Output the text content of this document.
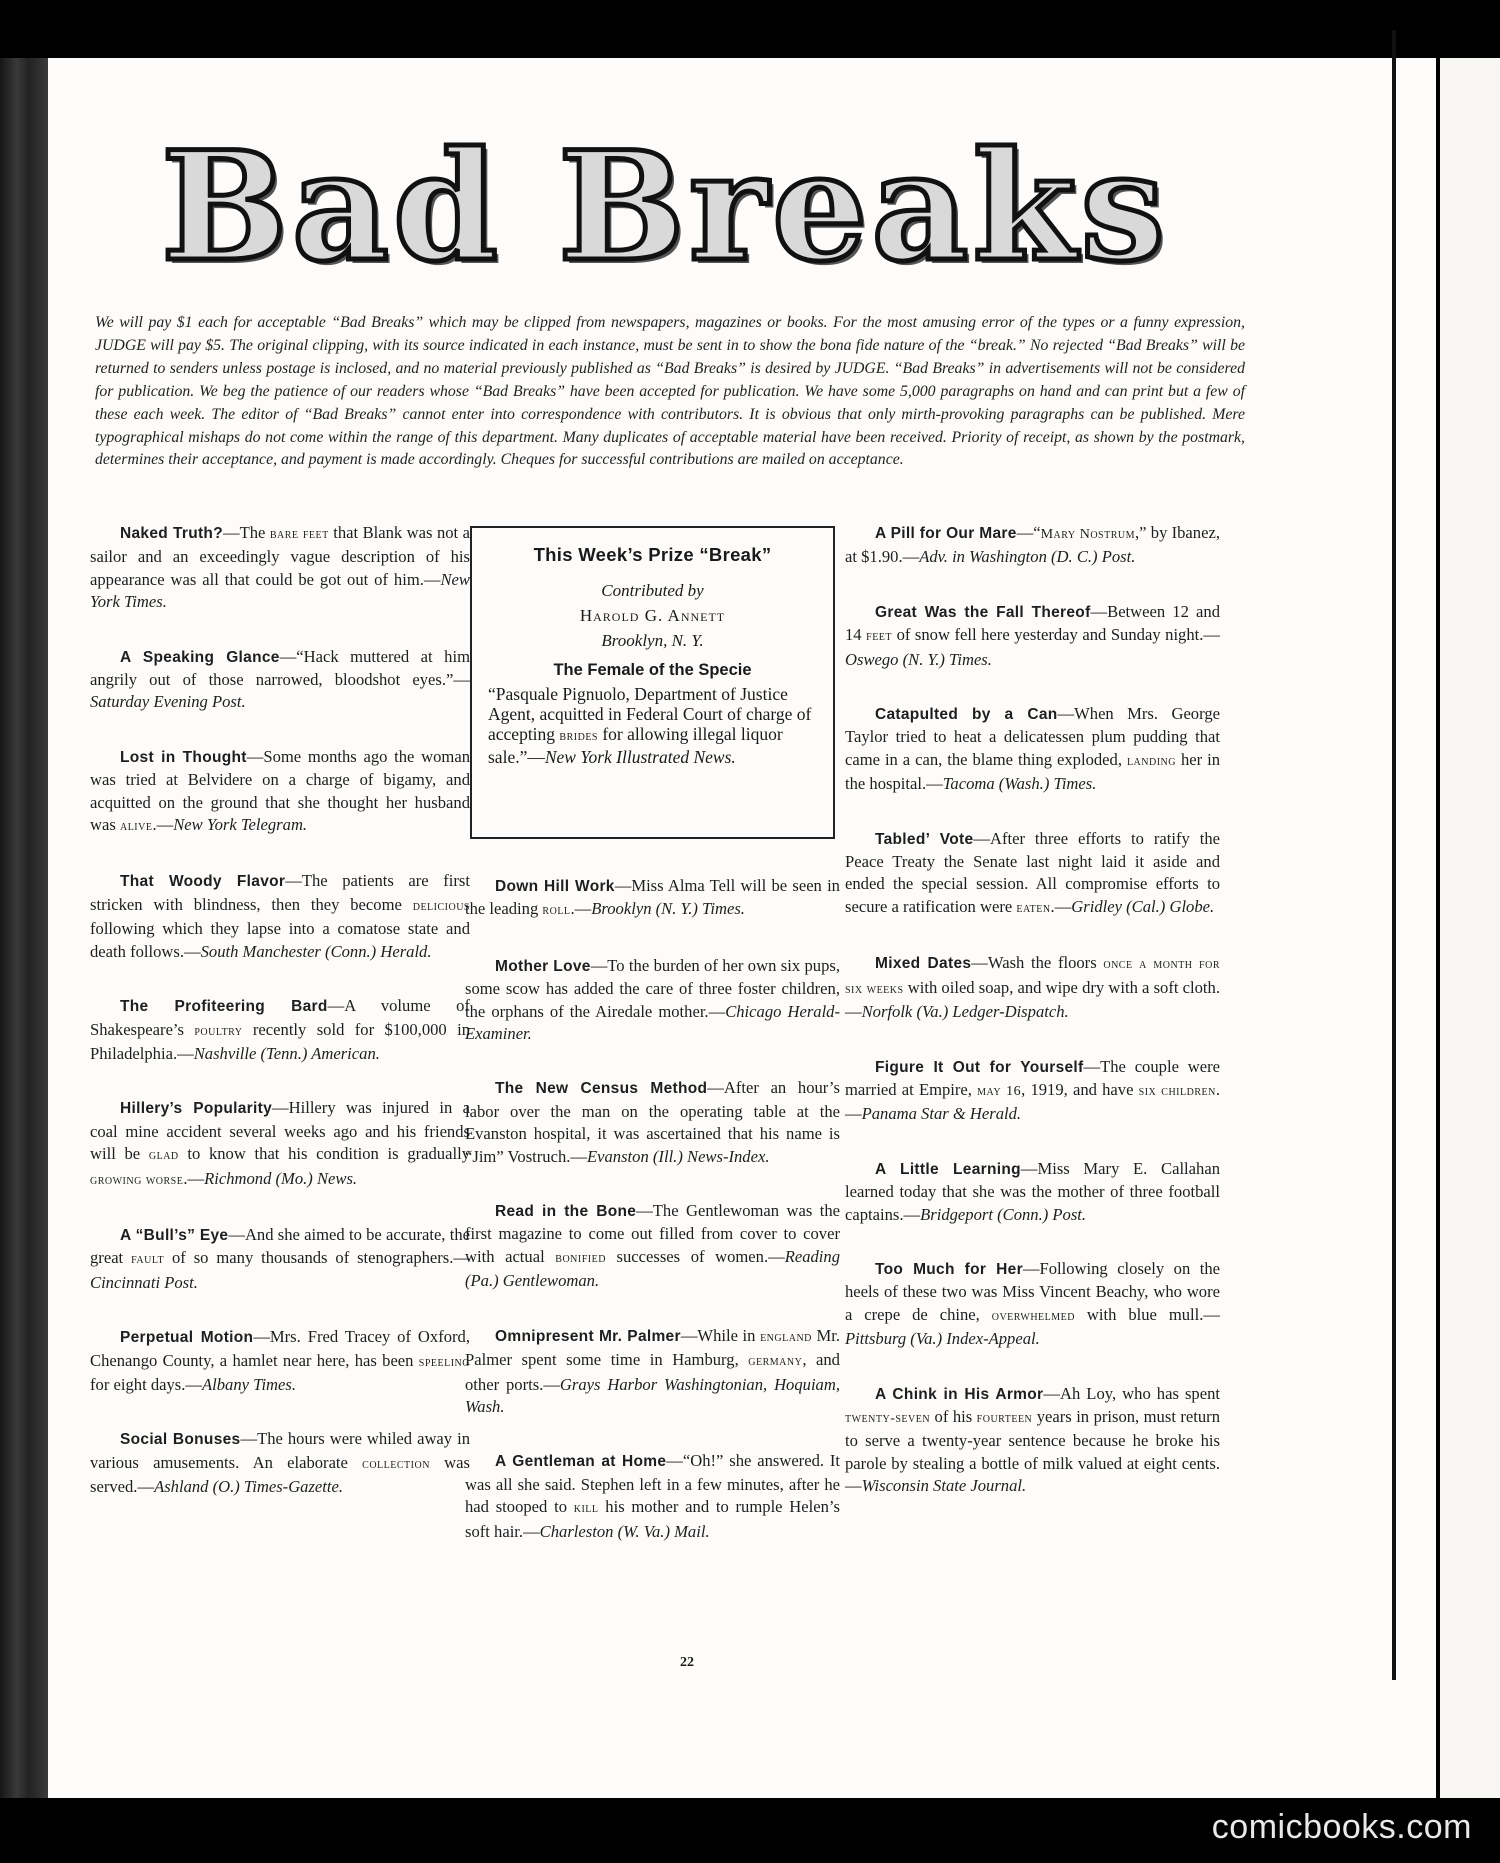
Bad Breaks

We will pay $1 each for acceptable “Bad Breaks” which may be clipped from newspapers, magazines or books. For the most amusing error of the types or a funny expression, JUDGE will pay $5. The original clipping, with its source indicated in each instance, must be sent in to show the bona fide nature of the “break.” No rejected “Bad Breaks” will be returned to senders unless postage is inclosed, and no material previously published as “Bad Breaks” is desired by JUDGE. “Bad Breaks” in advertisements will not be considered for publication. We beg the patience of our readers whose “Bad Breaks” have been accepted for publication. We have some 5,000 paragraphs on hand and can print but a few of these each week. The editor of “Bad Breaks” cannot enter into correspondence with contributors. It is obvious that only mirth-provoking paragraphs can be published. Mere typographical mishaps do not come within the range of this department. Many duplicates of acceptable material have been received. Priority of receipt, as shown by the postmark, determines their acceptance, and payment is made accordingly. Cheques for successful contributions are mailed on acceptance.

Naked Truth?—The bare feet that Blank was not a sailor and an exceedingly vague description of his appearance was all that could be got out of him.—New York Times.

A Speaking Glance—“Hack muttered at him angrily out of those narrowed, bloodshot eyes.”—Saturday Evening Post.

Lost in Thought—Some months ago the woman was tried at Belvidere on a charge of bigamy, and acquitted on the ground that she thought her husband was alive.—New York Telegram.

That Woody Flavor—The patients are first stricken with blindness, then they become delicious following which they lapse into a comatose state and death follows.—South Manchester (Conn.) Herald.

The Profiteering Bard—A volume of Shakespeare’s poultry recently sold for $100,000 in Philadelphia.—Nashville (Tenn.) American.

Hillery’s Popularity—Hillery was injured in a coal mine accident several weeks ago and his friends will be glad to know that his condition is gradually growing worse.—Richmond (Mo.) News.

A “Bull’s” Eye—And she aimed to be accurate, the great fault of so many thousands of stenographers.—Cincinnati Post.

Perpetual Motion—Mrs. Fred Tracey of Oxford, Chenango County, a hamlet near here, has been speeling for eight days.—Albany Times.

Social Bonuses—The hours were whiled away in various amusements. An elaborate collection was served.—Ashland (O.) Times-Gazette.

This Week’s Prize “Break”
Contributed by
Harold G. Annett
Brooklyn, N. Y.
The Female of the Specie

“Pasquale Pignuolo, Department of Justice Agent, acquitted in Federal Court of charge of accepting brides for allowing illegal liquor sale.”—New York Illustrated News.

Down Hill Work—Miss Alma Tell will be seen in the leading roll.—Brooklyn (N. Y.) Times.

Mother Love—To the burden of her own six pups, some scow has added the care of three foster children, the orphans of the Airedale mother.—Chicago Herald-Examiner.

The New Census Method—After an hour’s labor over the man on the operating table at the Evanston hospital, it was ascertained that his name is “Jim” Vostruch.—Evanston (Ill.) News-Index.

Read in the Bone—The Gentlewoman was the first magazine to come out filled from cover to cover with actual bonified successes of women.—Reading (Pa.) Gentlewoman.

Omnipresent Mr. Palmer—While in england Mr. Palmer spent some time in Hamburg, germany, and other ports.—Grays Harbor Washingtonian, Hoquiam, Wash.

A Gentleman at Home—“Oh!” she answered. It was all she said. Stephen left in a few minutes, after he had stooped to kill his mother and to rumple Helen’s soft hair.—Charleston (W. Va.) Mail.

A Pill for Our Mare—“Mary Nostrum,” by Ibanez, at $1.90.—Adv. in Washington (D. C.) Post.

Great Was the Fall Thereof—Between 12 and 14 feet of snow fell here yesterday and Sunday night.—Oswego (N. Y.) Times.

Catapulted by a Can—When Mrs. George Taylor tried to heat a delicatessen plum pudding that came in a can, the blame thing exploded, landing her in the hospital.—Tacoma (Wash.) Times.

Tabled’ Vote—After three efforts to ratify the Peace Treaty the Senate last night laid it aside and ended the special session. All compromise efforts to secure a ratification were eaten.—Gridley (Cal.) Globe.

Mixed Dates—Wash the floors once a month for six weeks with oiled soap, and wipe dry with a soft cloth.—Norfolk (Va.) Ledger-Dispatch.

Figure It Out for Yourself—The couple were married at Empire, may 16, 1919, and have six children.—Panama Star & Herald.

A Little Learning—Miss Mary E. Callahan learned today that she was the mother of three football captains.—Bridgeport (Conn.) Post.

Too Much for Her—Following closely on the heels of these two was Miss Vincent Beachy, who wore a crepe de chine, overwhelmed with blue mull.—Pittsburg (Va.) Index-Appeal.

A Chink in His Armor—Ah Loy, who has spent twenty-seven of his fourteen years in prison, must return to serve a twenty-year sentence because he broke his parole by stealing a bottle of milk valued at eight cents.—Wisconsin State Journal.

22
comicbooks.com
